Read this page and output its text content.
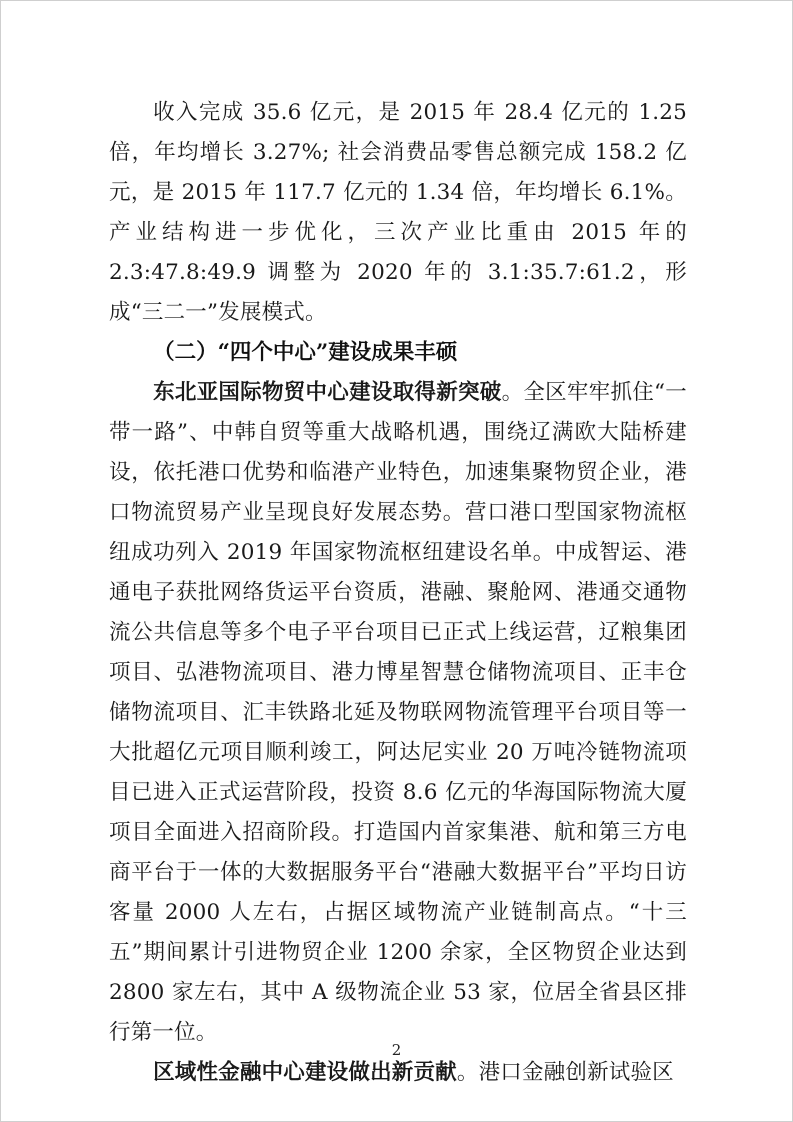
收入完成 35.6 亿元，是 2015 年 28.4 亿元的 1.25 倍，年均增长 3.27%; 社会消费品零售总额完成 158.2 亿元，是 2015 年 117.7 亿元的 1.34 倍，年均增长 6.1%。产业结构进一步优化，三次产业比重由 2015 年的 2.3:47.8:49.9 调整为 2020 年的 3.1:35.7:61.2，形成“三二一”发展模式。

（二）“四个中心”建设成果丰硕

东北亚国际物贸中心建设取得新突破。全区牢牢抓住“一带一路”、中韩自贸等重大战略机遇，围绕辽满欧大陆桥建设，依托港口优势和临港产业特色，加速集聚物贸企业，港口物流贸易产业呈现良好发展态势。营口港口型国家物流枢纽成功列入 2019 年国家物流枢纽建设名单。中成智运、港通电子获批网络货运平台资质，港融、聚舱网、港通交通物流公共信息等多个电子平台项目已正式上线运营，辽粮集团项目、弘港物流项目、港力博星智慧仓储物流项目、正丰仓储物流项目、汇丰铁路北延及物联网物流管理平台项目等一大批超亿元项目顺利竣工，阿达尼实业 20 万吨冷链物流项目已进入正式运营阶段，投资 8.6 亿元的华海国际物流大厦项目全面进入招商阶段。打造国内首家集港、航和第三方电商平台于一体的大数据服务平台“港融大数据平台”平均日访客量 2000 人左右，占据区域物流产业链制高点。“十三五”期间累计引进物贸企业 1200 余家，全区物贸企业达到 2800 家左右，其中 A 级物流企业 53 家，位居全省县区排行第一位。

区域性金融中心建设做出新贡献。港口金融创新试验区

2
